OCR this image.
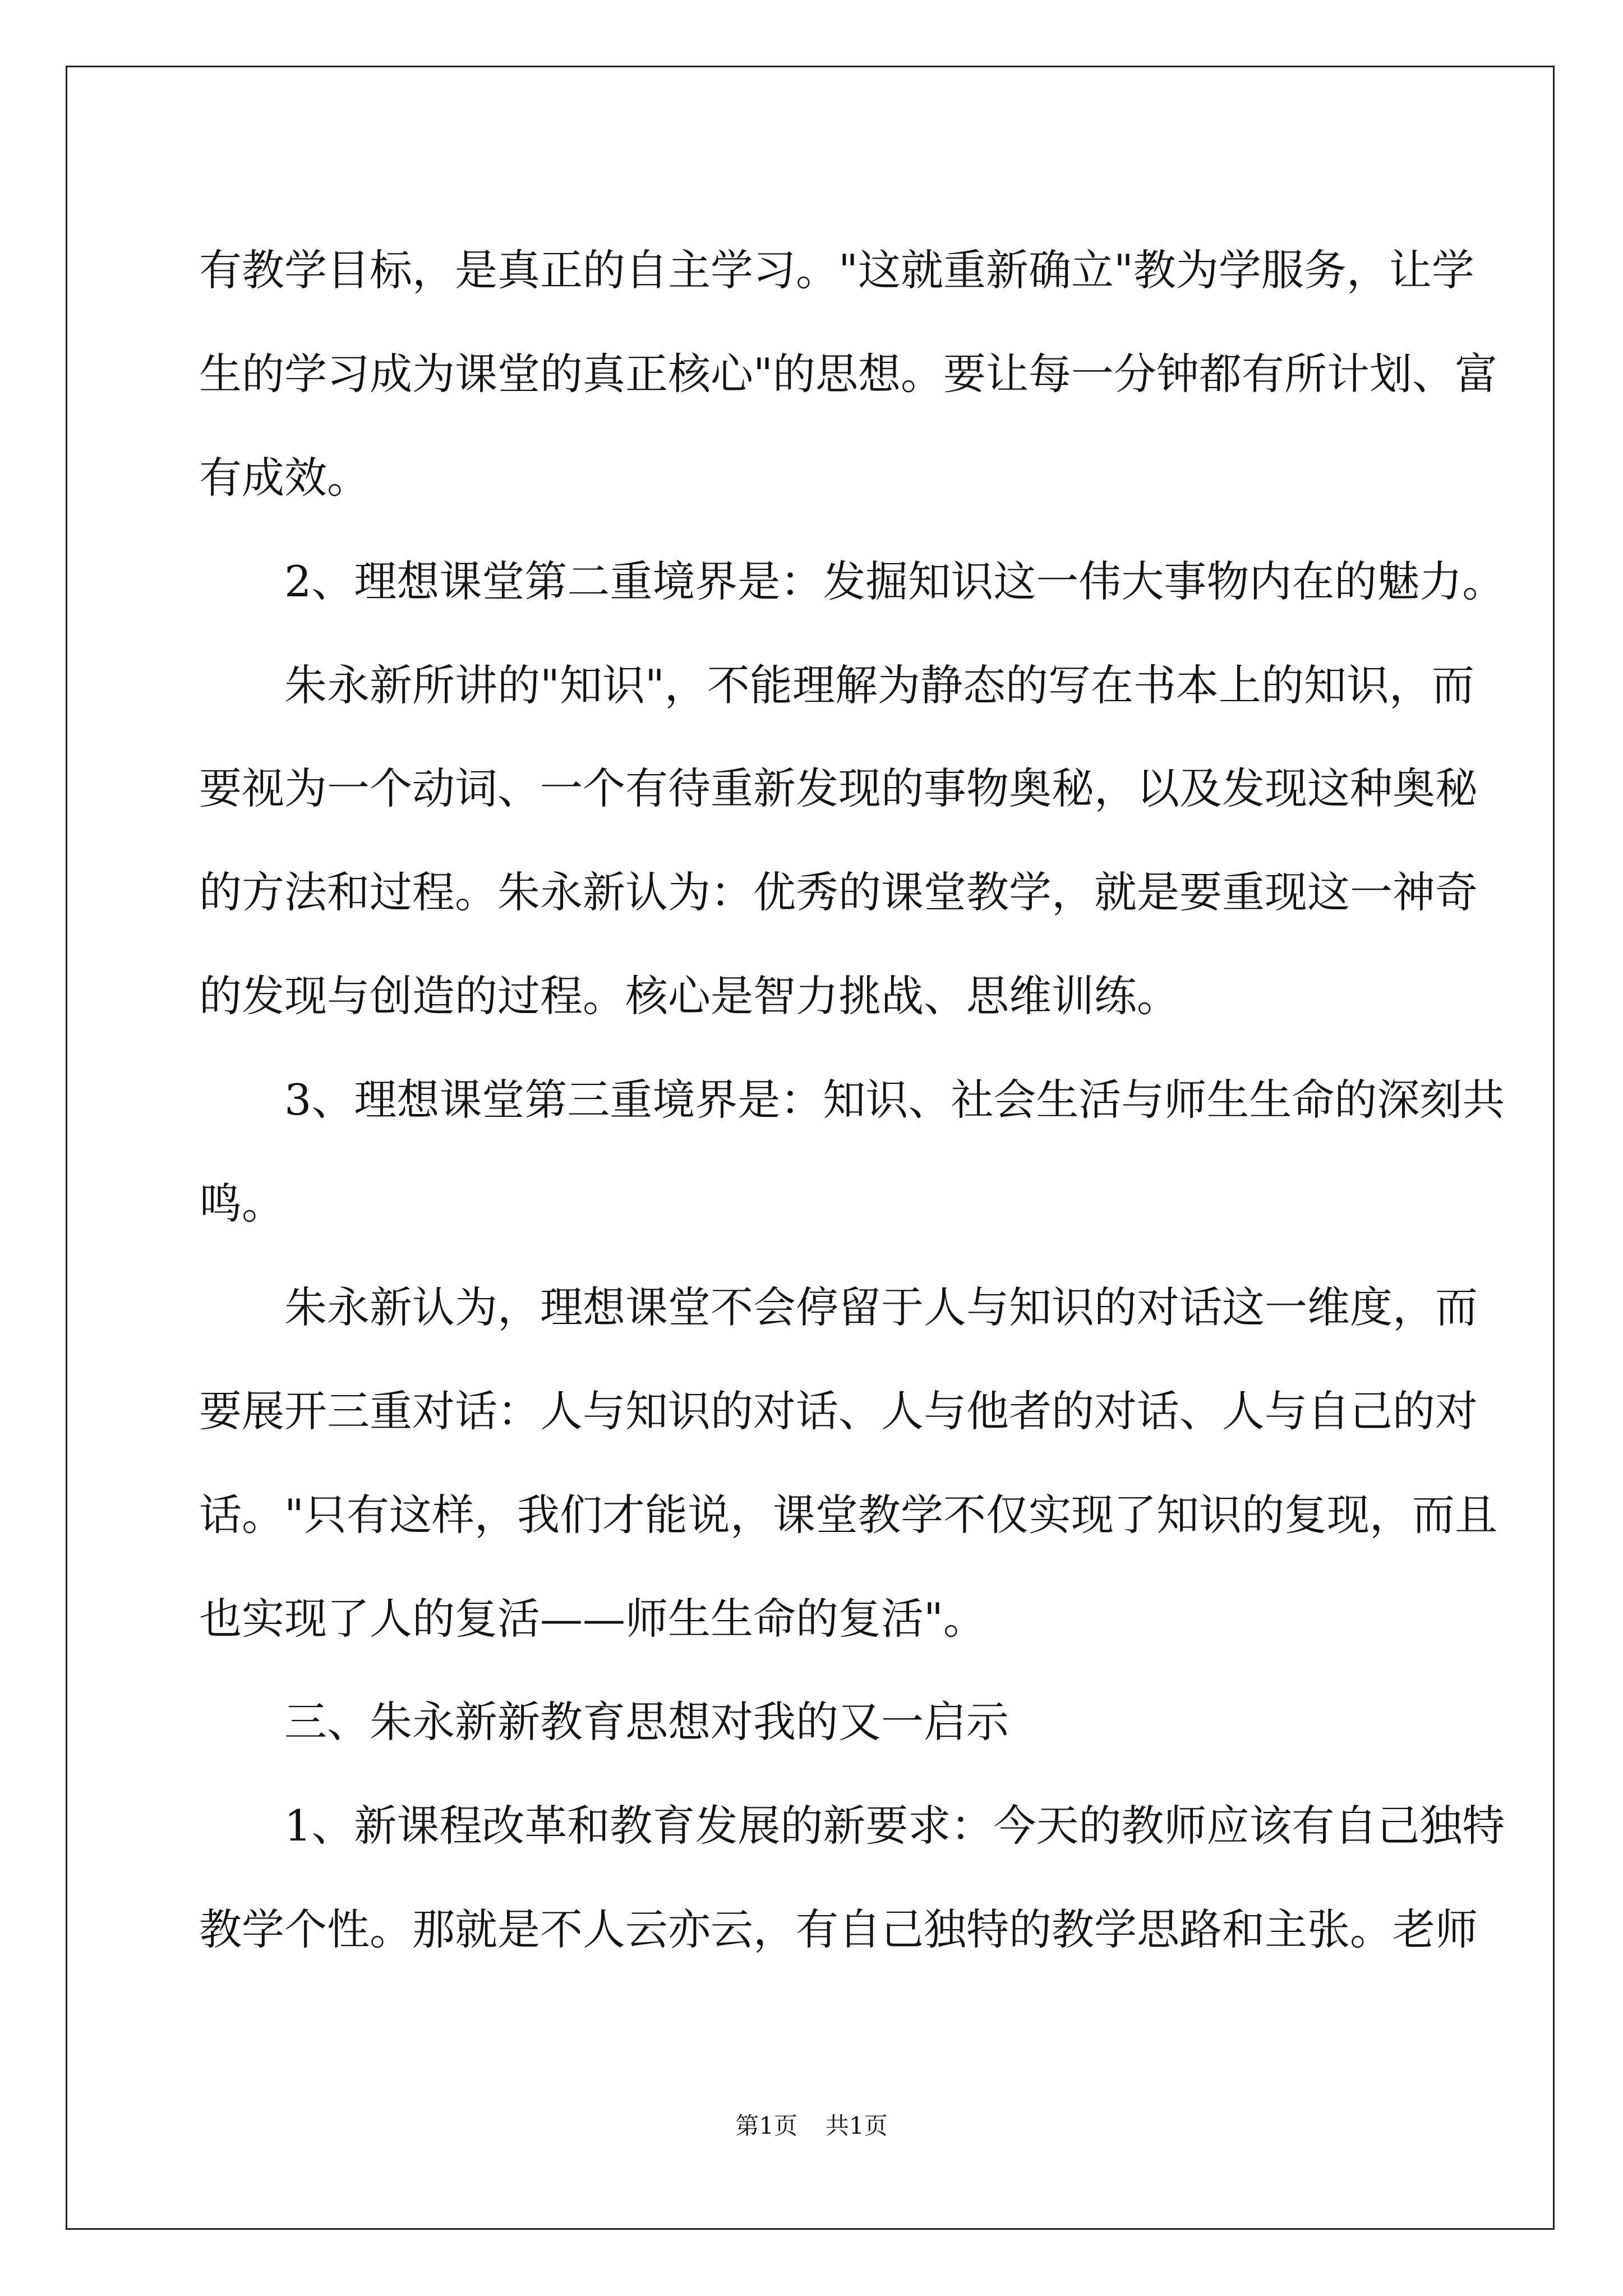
有教学目标，是真正的自主学习。"这就重新确立"教为学服务，让学
生的学习成为课堂的真正核心"的思想。要让每一分钟都有所计划、富
有成效。
2、理想课堂第二重境界是：发掘知识这一伟大事物内在的魅力。
朱永新所讲的"知识"，不能理解为静态的写在书本上的知识，而
要视为一个动词、一个有待重新发现的事物奥秘，以及发现这种奥秘
的方法和过程。朱永新认为：优秀的课堂教学，就是要重现这一神奇
的发现与创造的过程。核心是智力挑战、思维训练。
3、理想课堂第三重境界是：知识、社会生活与师生生命的深刻共
鸣。
朱永新认为，理想课堂不会停留于人与知识的对话这一维度，而
要展开三重对话：人与知识的对话、人与他者的对话、人与自己的对
话。"只有这样，我们才能说，课堂教学不仅实现了知识的复现，而且
也实现了人的复活——师生生命的复活"。
三、朱永新新教育思想对我的又一启示
1、新课程改革和教育发展的新要求：今天的教师应该有自己独特
教学个性。那就是不人云亦云，有自己独特的教学思路和主张。老师
第1页 共1页
